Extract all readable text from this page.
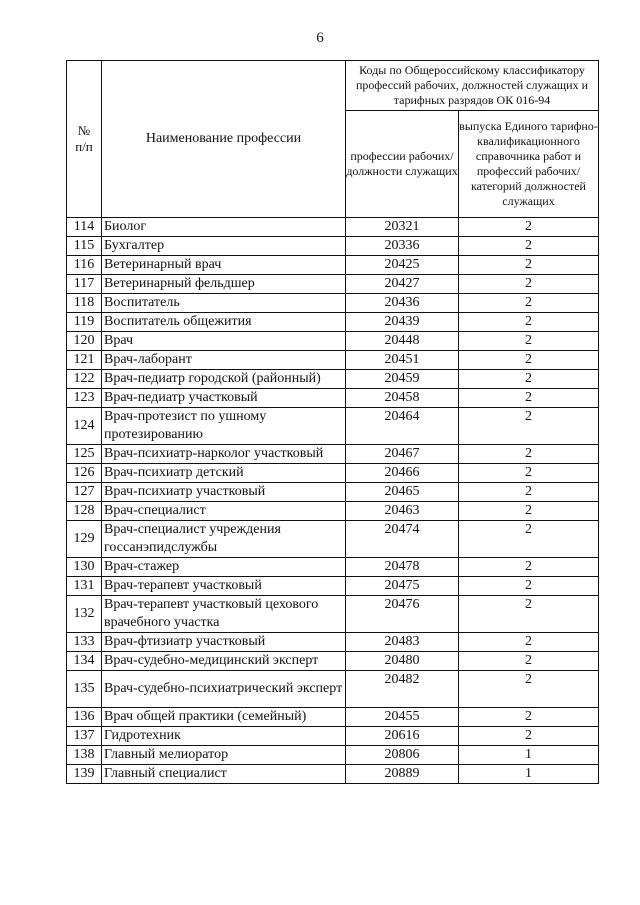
6
№
п/п	Наименование профессии	Коды по Общероссийскому классификатору профессий рабочих, должностей служащих и тарифных разрядов ОК 016-94	
		профессии рабочих/ должности служащих	выпуска Единого тарифно-квалификационного справочника работ и профессий рабочих/категорий должностей служащих
114	Биолог	20321	2
115	Бухгалтер	20336	2
116	Ветеринарный врач	20425	2
117	Ветеринарный фельдшер	20427	2
118	Воспитатель	20436	2
119	Воспитатель общежития	20439	2
120	Врач	20448	2
121	Врач-лаборант	20451	2
122	Врач-педиатр городской (районный)	20459	2
123	Врач-педиатр участковый	20458	2
124	Врач-протезист по ушному протезированию	20464	2
125	Врач-психиатр-нарколог участковый	20467	2
126	Врач-психиатр детский	20466	2
127	Врач-психиатр участковый	20465	2
128	Врач-специалист	20463	2
129	Врач-специалист учреждения госсанэпидслужбы	20474	2
130	Врач-стажер	20478	2
131	Врач-терапевт участковый	20475	2
132	Врач-терапевт участковый цехового врачебного участка	20476	2
133	Врач-фтизиатр участковый	20483	2
134	Врач-судебно-медицинский эксперт	20480	2
135	Врач-судебно-психиатрический эксперт	20482	2
136	Врач общей практики (семейный)	20455	2
137	Гидротехник	20616	2
138	Главный мелиоратор	20806	1
139	Главный специалист	20889	1
